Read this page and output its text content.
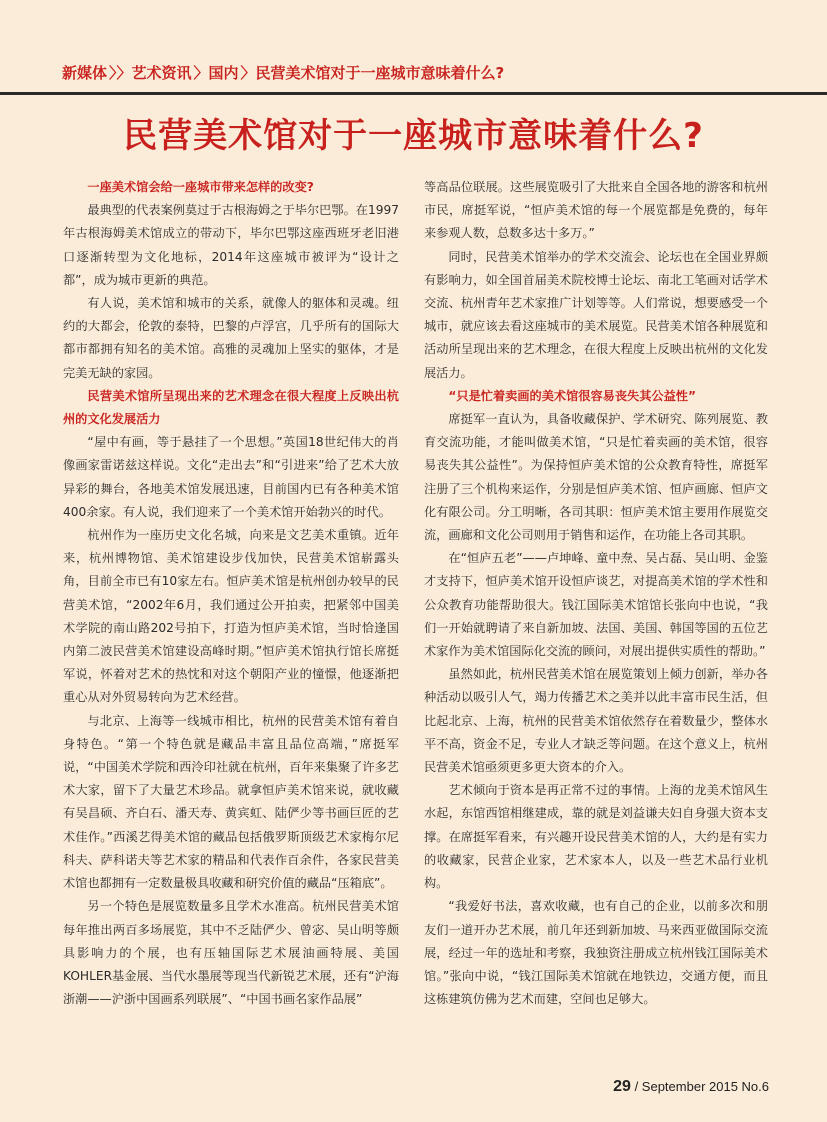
新媒体 〉〉艺术资讯 〉国内 〉民营美术馆对于一座城市意味着什么?
民营美术馆对于一座城市意味着什么?
一座美术馆会给一座城市带来怎样的改变?

最典型的代表案例莫过于古根海姆之于毕尔巴鄂。在1997年古根海姆美术馆成立的带动下，毕尔巴鄂这座西班牙老旧港口逐渐转型为文化地标，2014年这座城市被评为“设计之都”，成为城市更新的典范。

有人说，美术馆和城市的关系，就像人的躯体和灵魂。纽约的大都会，伦敦的泰特，巴黎的卢浮宫，几乎所有的国际大都市都拥有知名的美术馆。高雅的灵魂加上坚实的躯体，才是完美无缺的家园。

民营美术馆所呈现出来的艺术理念在很大程度上反映出杭州的文化发展活力

“屋中有画，等于悬挂了一个思想。”英国18世纪伟大的肖像画家雷诺兹这样说。文化“走出去”和“引进来”给了艺术大放异彩的舞台，各地美术馆发展迅速，目前国内已有各种美术馆400余家。有人说，我们迎来了一个美术馆开始勃兴的时代。

杭州作为一座历史文化名城，向来是文艺美术重镇。近年来，杭州博物馆、美术馆建设步伐加快，民营美术馆崭露头角，目前全市已有10家左右。恒庐美术馆是杭州创办较早的民营美术馆，“2002年6月，我们通过公开拍卖，把紧邻中国美术学院的南山路202号拍下，打造为恒庐美术馆，当时恰逢国内第二波民营美术馆建设高峰时期。”恒庐美术馆执行馆长席挺军说，怀着对艺术的热忱和对这个朝阳产业的憧憬，他逐渐把重心从对外贸易转向为艺术经营。

与北京、上海等一线城市相比，杭州的民营美术馆有着自身特色。“第一个特色就是藏品丰富且品位高端，”席挺军说，“中国美术学院和西泠印社就在杭州，百年来集聚了许多艺术大家，留下了大量艺术珍品。就拿恒庐美术馆来说，就收藏有吴昌硕、齐白石、潘天寿、黄宾虹、陆俨少等书画巨匠的艺术佳作。”西溪艺得美术馆的藏品包括俄罗斯顶级艺术家梅尔尼科夫、萨科诺夫等艺术家的精品和代表作百余件，各家民营美术馆也都拥有一定数量极具收藏和研究价值的藏品“压箱底”。

另一个特色是展览数量多且学术水准高。杭州民营美术馆每年推出两百多场展览，其中不乏陆俨少、曾宓、吴山明等颇具影响力的个展，也有压轴国际艺术展油画特展、美国KOHLER基金展、当代水墨展等现当代新锐艺术展，还有“沪海浙潮——沪浙中国画系列联展”、“中国书画名家作品展”

等高品位联展。这些展览吸引了大批来自全国各地的游客和杭州市民，席挺军说，“恒庐美术馆的每一个展览都是免费的，每年来参观人数，总数多达十多万。”

同时，民营美术馆举办的学术交流会、论坛也在全国业界颇有影响力，如全国首届美术院校博士论坛、南北工笔画对话学术交流、杭州青年艺术家推广计划等等。人们常说，想要感受一个城市，就应该去看这座城市的美术展览。民营美术馆各种展览和活动所呈现出来的艺术理念，在很大程度上反映出杭州的文化发展活力。

“只是忙着卖画的美术馆很容易丧失其公益性”

席挺军一直认为，具备收藏保护、学术研究、陈列展览、教育交流功能，才能叫做美术馆，“只是忙着卖画的美术馆，很容易丧失其公益性”。为保持恒庐美术馆的公众教育特性，席挺军注册了三个机构来运作，分别是恒庐美术馆、恒庐画廊、恒庐文化有限公司。分工明晰，各司其职：恒庐美术馆主要用作展览交流，画廊和文化公司则用于销售和运作，在功能上各司其职。

在“恒庐五老”——卢坤峰、童中焘、吴占磊、吴山明、金鉴才支持下，恒庐美术馆开设恒庐谈艺，对提高美术馆的学术性和公众教育功能帮助很大。钱江国际美术馆馆长张向中也说，“我们一开始就聘请了来自新加坡、法国、美国、韩国等国的五位艺术家作为美术馆国际化交流的顾问，对展出提供实质性的帮助。”

虽然如此，杭州民营美术馆在展览策划上倾力创新，举办各种活动以吸引人气，竭力传播艺术之美并以此丰富市民生活，但比起北京、上海，杭州的民营美术馆依然存在着数量少，整体水平不高，资金不足，专业人才缺乏等问题。在这个意义上，杭州民营美术馆亟须更多更大资本的介入。

艺术倾向于资本是再正常不过的事情。上海的龙美术馆风生水起，东馆西馆相继建成，靠的就是刘益谦夫妇自身强大资本支撑。在席挺军看来，有兴趣开设民营美术馆的人，大约是有实力的收藏家，民营企业家，艺术家本人，以及一些艺术品行业机构。

“我爱好书法，喜欢收藏，也有自己的企业，以前多次和朋友们一道开办艺术展，前几年还到新加坡、马来西亚做国际交流展，经过一年的选址和考察，我独资注册成立杭州钱江国际美术馆。”张向中说，“钱江国际美术馆就在地铁边，交通方便，而且这栋建筑仿佛为艺术而建，空间也足够大。

29 / September 2015 No.6
